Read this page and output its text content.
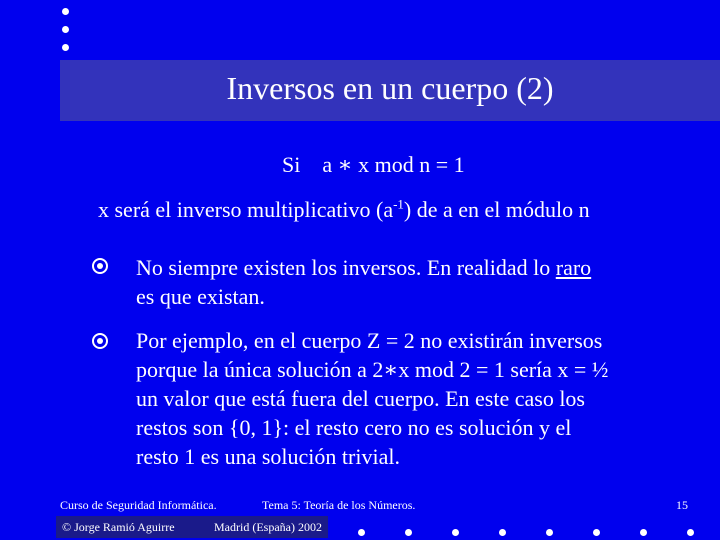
Inversos en un cuerpo (2)
Si a ∗ x mod n = 1
x será el inverso multiplicativo $(a^{-1})$ de a en el módulo n
No siempre existen los inversos. En realidad lo raro
es que existan.
Por ejemplo, en el cuerpo Z = 2 no existirán inversos
porque la única solución a 2∗x mod 2 = 1 sería x = ½
un valor que está fuera del cuerpo. En este caso los
restos son {0, 1}: el resto cero no es solución y el
resto 1 es una solución trivial.
Curso de Seguridad Informática.	Tema 5: Teoría de los Números.	15
© Jorge Ramió Aguirre	Madrid (España) 2002
